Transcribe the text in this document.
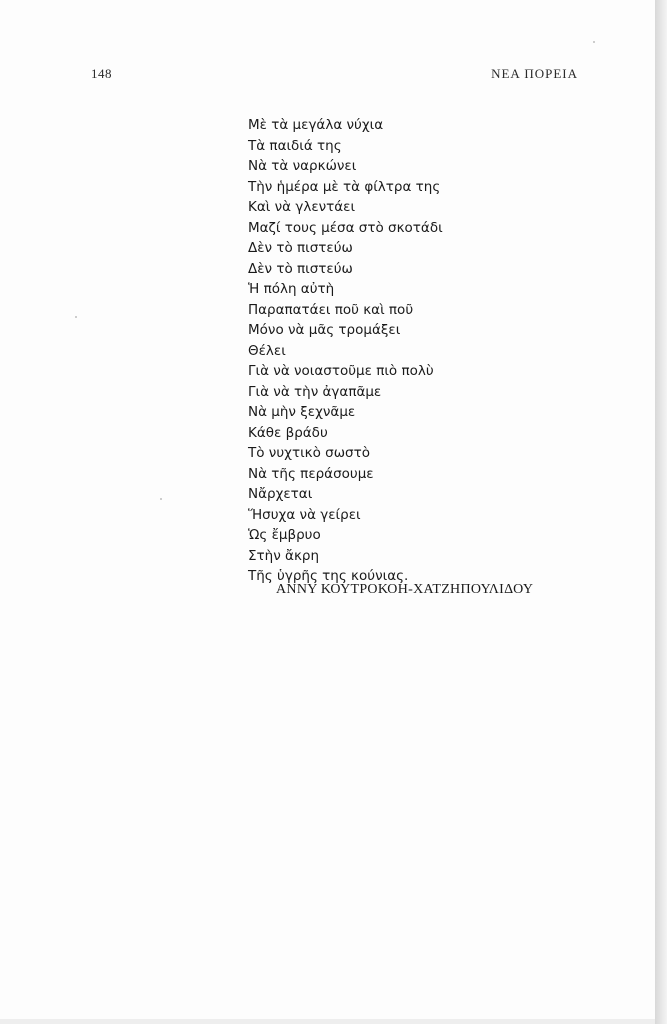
148	ΝΕΑ ΠΟΡΕΙΑ
Μὲ τὰ μεγάλα νύχια
Τὰ παιδιά της
Νὰ τὰ ναρκώνει
Τὴν ἡμέρα μὲ τὰ φίλτρα της
Καὶ νὰ γλεντάει
Μαζί τους μέσα στὸ σκοτάδι
Δὲν τὸ πιστεύω
Δὲν τὸ πιστεύω
Ἡ πόλη αὐτὴ
Παραπατάει ποῦ καὶ ποῦ
Μόνο νὰ μᾶς τρομάξει
Θέλει
Γιὰ νὰ νοιαστοῦμε πιὸ πολὺ
Γιὰ νὰ τὴν ἀγαπᾶμε
Νὰ μὴν ξεχνᾶμε
Κάθε βράδυ
Τὸ νυχτικὸ σωστὸ
Νὰ τῆς περάσουμε
Νἄρχεται
Ἥσυχα νὰ γείρει
Ὡς ἔμβρυο
Στὴν ἄκρη
Τῆς ὑγρῆς της κούνιας.
ΑΝΝΥ ΚΟΥΤΡΟΚΟΗ-ΧΑΤΖΗΠΟΥΛΙΔΟΥ
